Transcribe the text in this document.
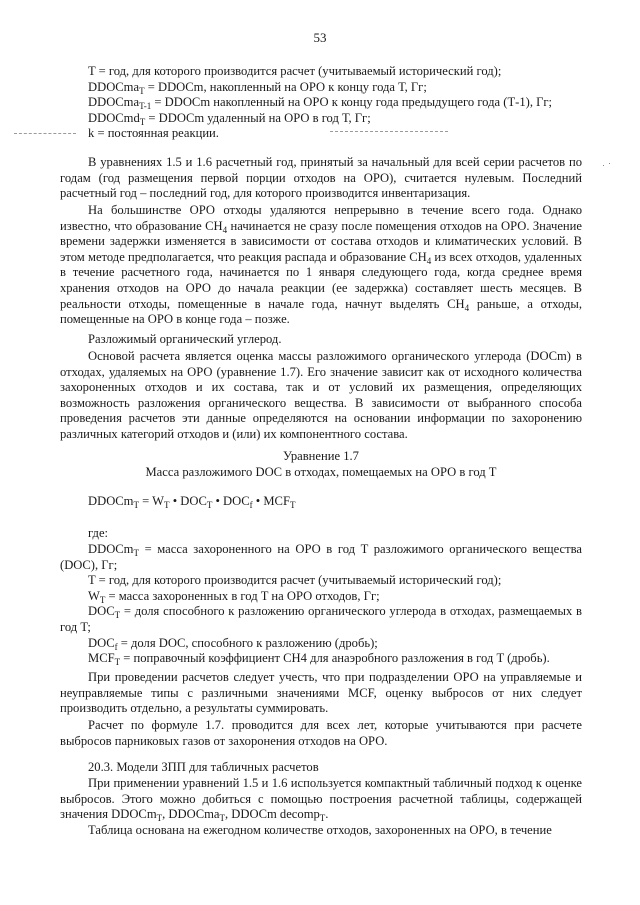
53
T = год, для которого производится расчет (учитываемый исторический год);
DDOCma$_T$ = DDOCm, накопленный на ОРО к концу года Т, Гг;
DDOCma$_{T-1}$ = DDOCm накопленный на ОРО к концу года предыдущего года (Т-1), Гг;
DDOCmd$_T$ = DDOCm удаленный на ОРО в год Т, Гг;
k = постоянная реакции.
В уравнениях 1.5 и 1.6 расчетный год, принятый за начальный для всей серии расчетов по годам (год размещения первой порции отходов на ОРО), считается нулевым. Последний расчетный год – последний год, для которого производится инвентаризация.
На большинстве ОРО отходы удаляются непрерывно в течение всего года. Однако известно, что образование $CH_4$ начинается не сразу после помещения отходов на ОРО. Значение времени задержки изменяется в зависимости от состава отходов и климатических условий. В этом методе предполагается, что реакция распада и образование $CH_4$ из всех отходов, удаленных в течение расчетного года, начинается по 1 января следующего года, когда среднее время хранения отходов на ОРО до начала реакции (ее задержка) составляет шесть месяцев. В реальности отходы, помещенные в начале года, начнут выделять $CH_4$ раньше, а отходы, помещенные на ОРО в конце года – позже.
Разложимый органический углерод.
Основой расчета является оценка массы разложимого органического углерода (DOCm) в отходах, удаляемых на ОРО (уравнение 1.7). Его значение зависит как от исходного количества захороненных отходов и их состава, так и от условий их размещения, определяющих возможность разложения органического вещества. В зависимости от выбранного способа проведения расчетов эти данные определяются на основании информации по захоронению различных категорий отходов и (или) их компонентного состава.
Уравнение 1.7
Масса разложимого DOC в отходах, помещаемых на ОРО в год T
DDOCm$_T$ = $W_T$ • $DOC_T$ • $DOC_f$ • $MCF_T$
где:

DDOCm$_T$ = масса захороненного на ОРО в год T разложимого органического вещества (DOC), Гг;

T = год, для которого производится расчет (учитываемый исторический год);

$W_T$ = масса захороненных в год T на ОРО отходов, Гг;

$DOC_T$ = доля способного к разложению органического углерода в отходах, размещаемых в год T;

$DOC_f$ = доля DOC, способного к разложению (дробь);

$MCF_T$ = поправочный коэффициент CH4 для анаэробного разложения в год T (дробь).

При проведении расчетов следует учесть, что при подразделении ОРО на управляемые и неуправляемые типы с различными значениями MCF, оценку выбросов от них следует производить отдельно, а результаты суммировать.
Расчет по формуле 1.7. проводится для всех лет, которые учитываются при расчете выбросов парниковых газов от захоронения отходов на ОРО.
20.3. Модели ЗПП для табличных расчетов
При применении уравнений 1.5 и 1.6 используется компактный табличный подход к оценке выбросов. Этого можно добиться с помощью построения расчетной таблицы, содержащей значения DDOCm$_T$, DDOCma$_T$, DDOCm decomp$_T$.
Таблица основана на ежегодном количестве отходов, захороненных на ОРО, в течение
